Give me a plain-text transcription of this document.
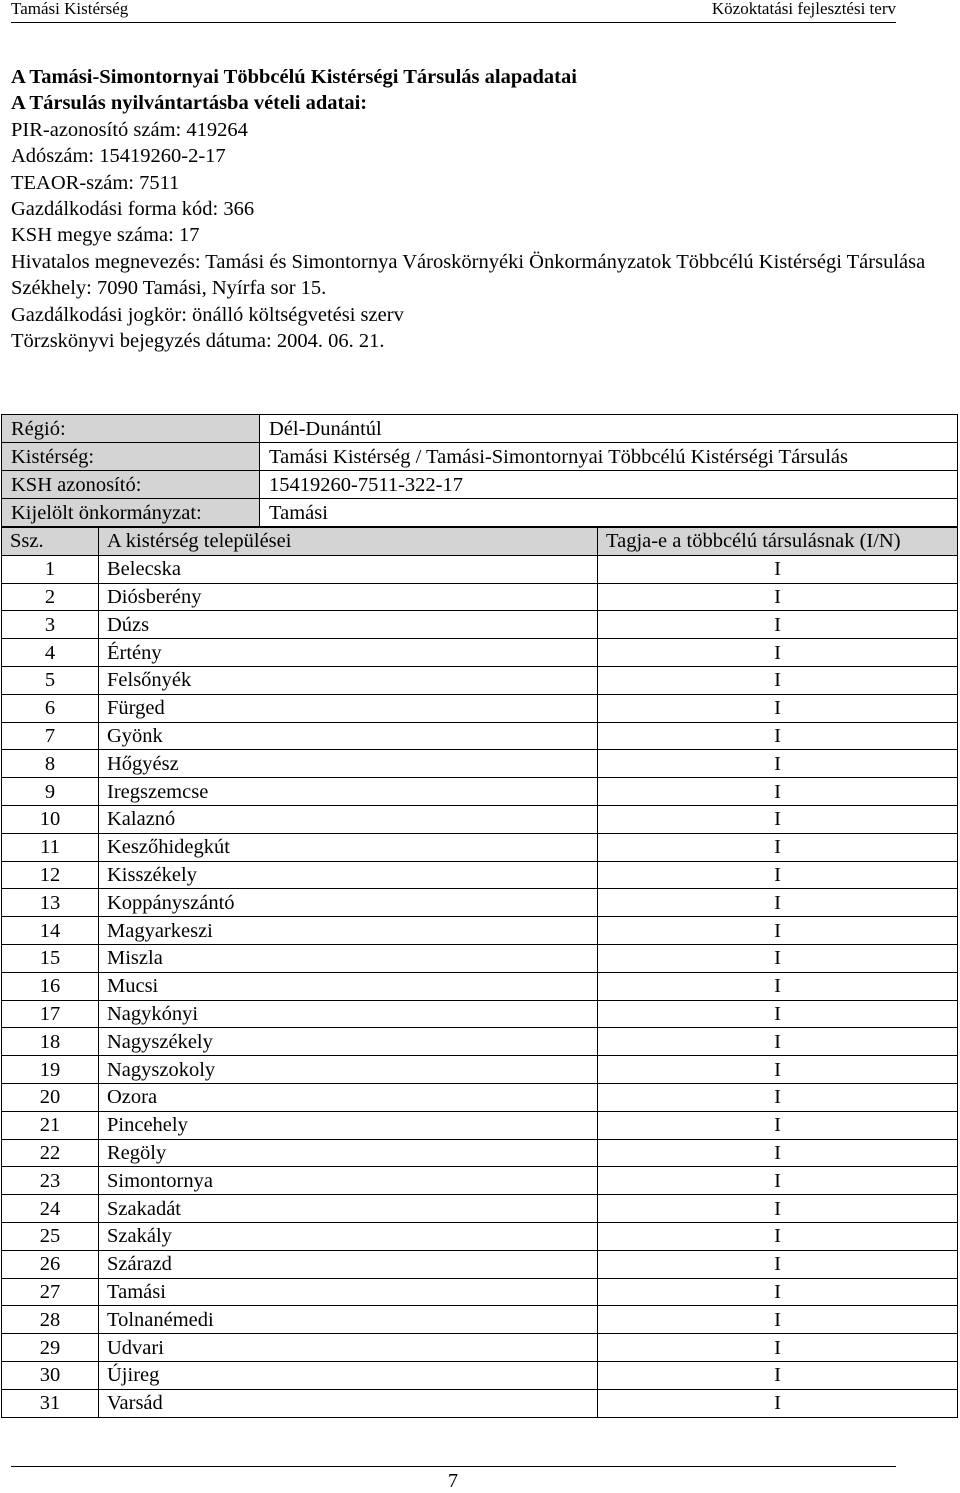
Tamási Kistérség	Közoktatási fejlesztési terv
A Tamási-Simontornyai Többcélú Kistérségi Társulás alapadatai
A Társulás nyilvántartásba vételi adatai:
PIR-azonosító szám: 419264
Adószám: 15419260-2-17
TEAOR-szám: 7511
Gazdálkodási forma kód: 366
KSH megye száma: 17
Hivatalos megnevezés: Tamási és Simontornya Városkörnyéki Önkormányzatok Többcélú Kistérségi Társulása
Székhely: 7090 Tamási, Nyírfa sor 15.
Gazdálkodási jogkör: önálló költségvetési szerv
Törzskönyvi bejegyzés dátuma: 2004. 06. 21.
Régió:	Dél-Dunántúl
Kistérség:	Tamási Kistérség / Tamási-Simontornyai Többcélú Kistérségi Társulás
KSH azonosító:	15419260-7511-322-17
Kijelölt önkormányzat:	Tamási
Ssz.	A kistérség települései	Tagja-e a többcélú társulásnak (I/N)
1	Belecska	I
2	Diósberény	I
3	Dúzs	I
4	Értény	I
5	Felsőnyék	I
6	Fürged	I
7	Gyönk	I
8	Hőgyész	I
9	Iregszemcse	I
10	Kalaznó	I
11	Keszőhidegkút	I
12	Kisszékely	I
13	Koppányszántó	I
14	Magyarkeszi	I
15	Miszla	I
16	Mucsi	I
17	Nagykónyi	I
18	Nagyszékely	I
19	Nagyszokoly	I
20	Ozora	I
21	Pincehely	I
22	Regöly	I
23	Simontornya	I
24	Szakadát	I
25	Szakály	I
26	Szárazd	I
27	Tamási	I
28	Tolnanémedi	I
29	Udvari	I
30	Újireg	I
31	Varsád	I
7
